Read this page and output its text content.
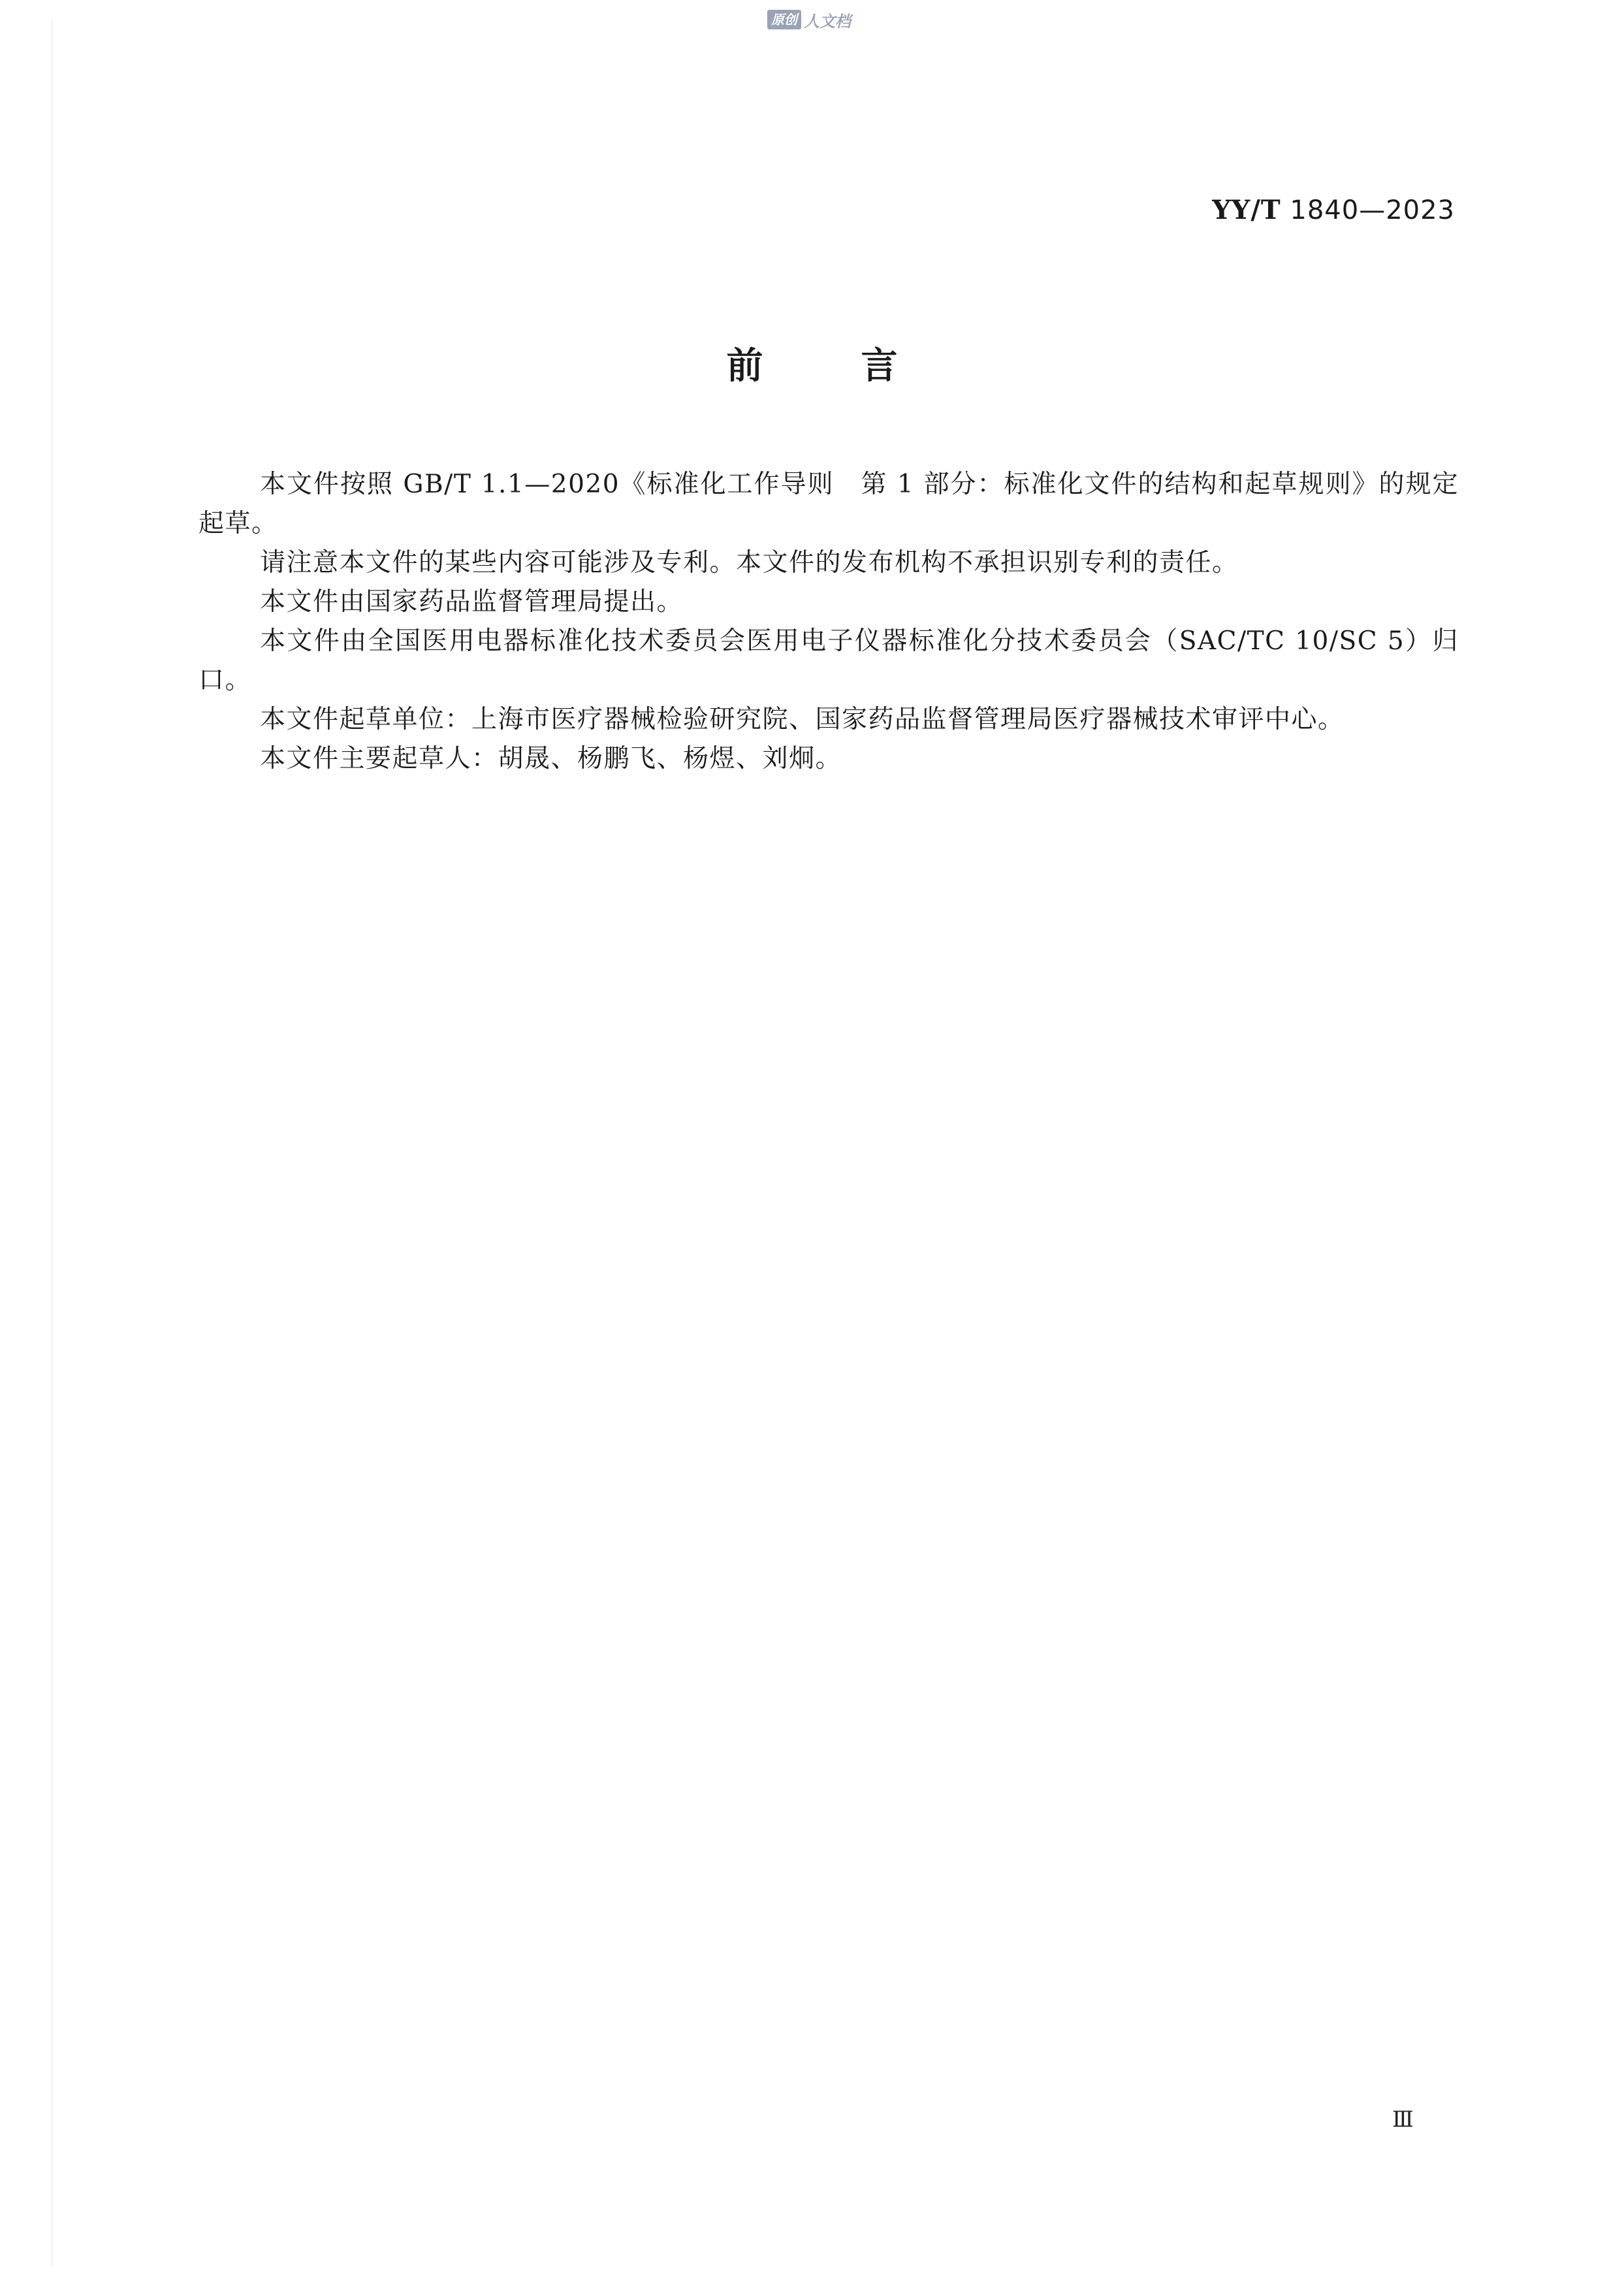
原创 人文档
YY/T 1840—2023
前言

本文件按照 GB/T 1.1—2020《标准化工作导则　第 1 部分：标准化文件的结构和起草规则》的规定起草。

请注意本文件的某些内容可能涉及专利。本文件的发布机构不承担识别专利的责任。

本文件由国家药品监督管理局提出。

本文件由全国医用电器标准化技术委员会医用电子仪器标准化分技术委员会（SAC/TC 10/SC 5）归口。

本文件起草单位：上海市医疗器械检验研究院、国家药品监督管理局医疗器械技术审评中心。

本文件主要起草人：胡晟、杨鹏飞、杨煜、刘炯。

Ⅲ
